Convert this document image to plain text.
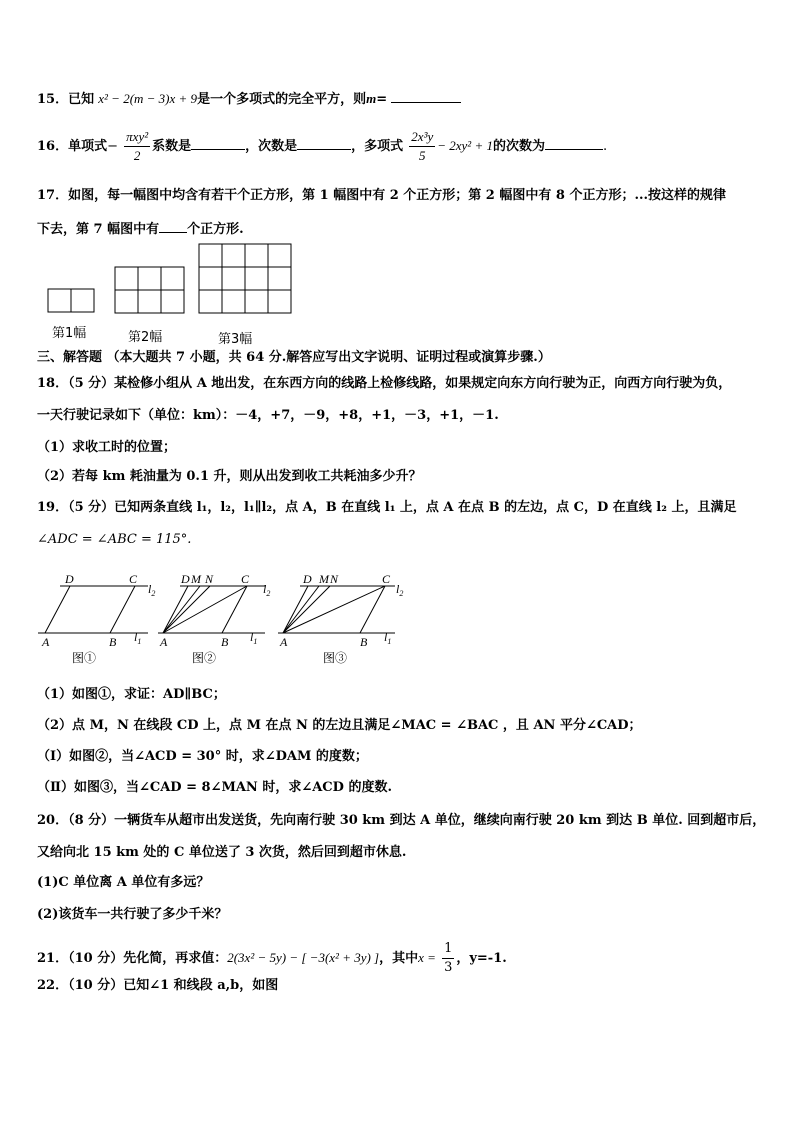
15．已知 x² − 2(m − 3)x + 9是一个多项式的完全平方，则m=
16．单项式− $\frac{\text{πxy²}}{2}$ 系数是	，次数是	，多项式 $\frac{\text{2x³y}}{5} - 2xy^2 + 1$的次数为	.
17．如图，每一幅图中均含有若干个正方形，第 1 幅图中有 2 个正方形；第 2 幅图中有 8 个正方形；...按这样的规律
下去，第 7 幅图中有 个正方形.
第1幅	第2幅	第3幅
三、解答题 （本大题共 7 小题，共 64 分.解答应写出文字说明、证明过程或演算步骤.）
18．（5 分）某检修小组从 A 地出发，在东西方向的线路上检修线路，如果规定向东方向行驶为正，向西方向行驶为负，
一天行驶记录如下（单位：km）：－4，+7，－9，+8，+1，－3，+1，－1.
（1）求收工时的位置；
（2）若每 km 耗油量为 0.1 升，则从出发到收工共耗油多少升？
19．（5 分）已知两条直线 l₁，l₂，l₁∥l₂，点 A，B 在直线 l₁ 上，点 A 在点 B 的左边，点 C，D 在直线 l₂ 上，且满足
∠ADC = ∠ABC = 115°.
D	C
$l_2$
A	B $l_1$
D M N C
$l_2$
A	B $l_1$
D M N	C
$l_2$
A	B $l_1$
图①	图②	图③
（1）如图①，求证：AD∥BC；
（2）点 M，N 在线段 CD 上，点 M 在点 N 的左边且满足∠MAC = ∠BAC ，且 AN 平分∠CAD；
（Ⅰ）如图②，当∠ACD = 30° 时，求∠DAM 的度数；
（Ⅱ）如图③，当∠CAD = 8∠MAN 时，求∠ACD 的度数.
20．（8 分）一辆货车从超市出发送货，先向南行驶 30 km 到达 A 单位，继续向南行驶 20 km 到达 B 单位. 回到超市后，
又给向北 15 km 处的 C 单位送了 3 次货，然后回到超市休息.
(1)C 单位离 A 单位有多远？
(2)该货车一共行驶了多少千米？
21．（10 分）先化简，再求值：2(3x² − 5y) − [ −3(x² + 3y) ]，其中$x = \frac{1}{3}$ ，y=-1.
22．（10 分）已知∠1 和线段 a,b，如图
